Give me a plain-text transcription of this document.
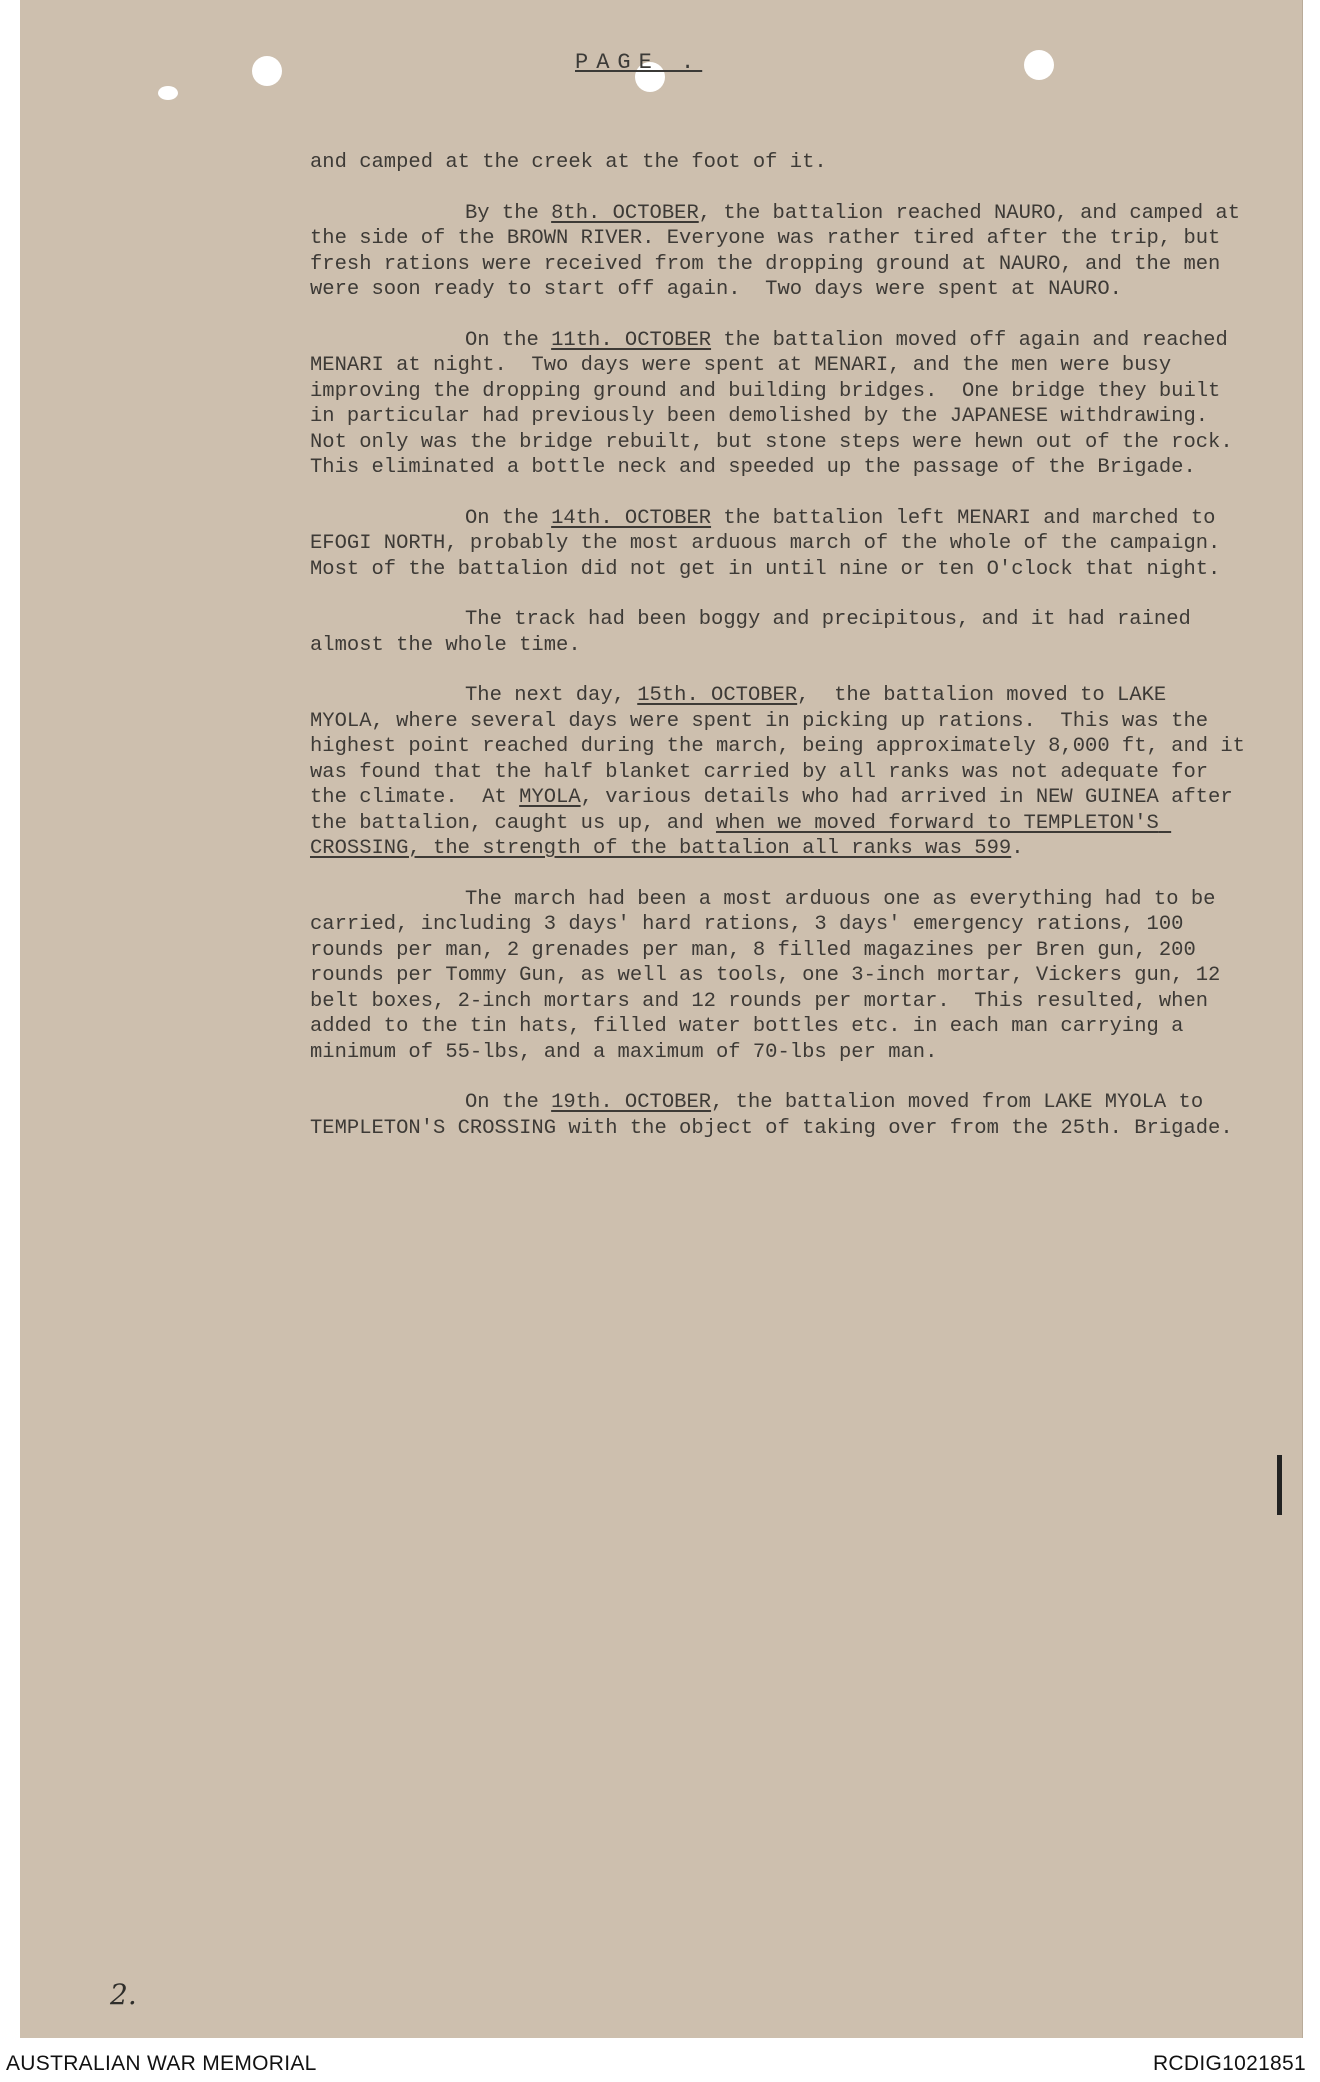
PAGE .
2.

and camped at the creek at the foot of it.

By the 8th. OCTOBER, the battalion reached NAURO, and camped at the side of the BROWN RIVER. Everyone was rather tired after the trip, but fresh rations were received from the dropping ground at NAURO, and the men were soon ready to start off again.  Two days were spent at NAURO.

On the 11th. OCTOBER the battalion moved off again and reached MENARI at night.  Two days were spent at MENARI, and the men were busy improving the dropping ground and building bridges.  One bridge they built in particular had previously been demolished by the JAPANESE withdrawing.  Not only was the bridge rebuilt, but stone steps were hewn out of the rock.  This eliminated a bottle neck and speeded up the passage of the Brigade.

On the 14th. OCTOBER the battalion left MENARI and marched to EFOGI NORTH, probably the most arduous march of the whole of the campaign. Most of the battalion did not get in until nine or ten O'clock that night.

The track had been boggy and precipitous, and it had rained almost the whole time.

The next day, 15th. OCTOBER,  the battalion moved to LAKE MYOLA, where several days were spent in picking up rations.  This was the highest point reached during the march, being approximately 8,000 ft, and it was found that the half blanket carried by all ranks was not adequate for the climate.  At MYOLA, various details who had arrived in NEW GUINEA after the battalion, caught us up, and when we moved forward to TEMPLETON'S CROSSING, the strength of the battalion all ranks was 599.

The march had been a most arduous one as everything had to be carried, including 3 days' hard rations, 3 days' emergency rations, 100 rounds per man, 2 grenades per man, 8 filled magazines per Bren gun, 200 rounds per Tommy Gun, as well as tools, one 3-inch mortar, Vickers gun, 12 belt boxes, 2-inch mortars and 12 rounds per mortar.  This resulted, when added to the tin hats, filled water bottles etc. in each man carrying a minimum of 55-lbs, and a maximum of 70-lbs per man.

On the 19th. OCTOBER, the battalion moved from LAKE MYOLA to TEMPLETON'S CROSSING with the object of taking over from the 25th. Brigade.

AUSTRALIAN WAR MEMORIAL	RCDIG1021851
